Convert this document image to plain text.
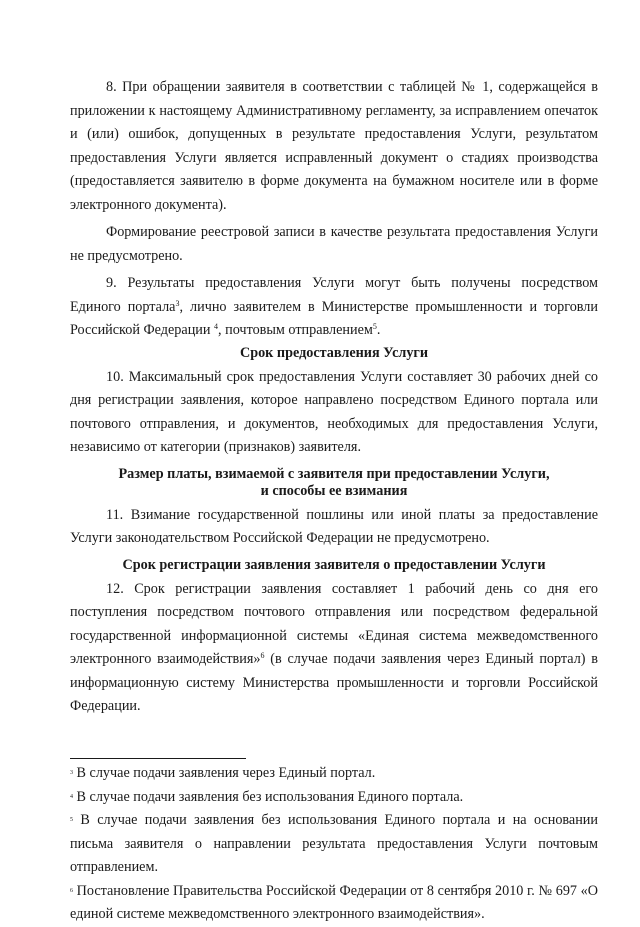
8. При обращении заявителя в соответствии с таблицей № 1, содержащейся в приложении к настоящему Административному регламенту, за исправлением опечаток и (или) ошибок, допущенных в результате предоставления Услуги, результатом предоставления Услуги является исправленный документ о стадиях производства (предоставляется заявителю в форме документа на бумажном носителе или в форме электронного документа).

Формирование реестровой записи в качестве результата предоставления Услуги не предусмотрено.

9. Результаты предоставления Услуги могут быть получены посредством Единого портала$^3$, лично заявителем в Министерстве промышленности и торговли Российской Федерации $^4$, почтовым отправлением$^5$.

Срок предоставления Услуги

10. Максимальный срок предоставления Услуги составляет 30 рабочих дней со дня регистрации заявления, которое направлено посредством Единого портала или почтового отправления, и документов, необходимых для предоставления Услуги, независимо от категории (признаков) заявителя.

Размер платы, взимаемой с заявителя при предоставлении Услуги,
и способы ее взимания

11. Взимание государственной пошлины или иной платы за предоставление Услуги законодательством Российской Федерации не предусмотрено.

Срок регистрации заявления заявителя о предоставлении Услуги

12. Срок регистрации заявления составляет 1 рабочий день со дня его поступления посредством почтового отправления или посредством федеральной государственной информационной системы «Единая система межведомственного электронного взаимодействия»$^6$ (в случае подачи заявления через Единый портал) в информационную систему Министерства промышленности и торговли Российской Федерации.

$^3$ В случае подачи заявления через Единый портал.

$^4$ В случае подачи заявления без использования Единого портала.

$^5$ В случае подачи заявления без использования Единого портала и на основании письма заявителя о направлении результата предоставления Услуги почтовым отправлением.

$^6$ Постановление Правительства Российской Федерации от 8 сентября 2010 г. № 697 «О единой системе межведомственного электронного взаимодействия».
